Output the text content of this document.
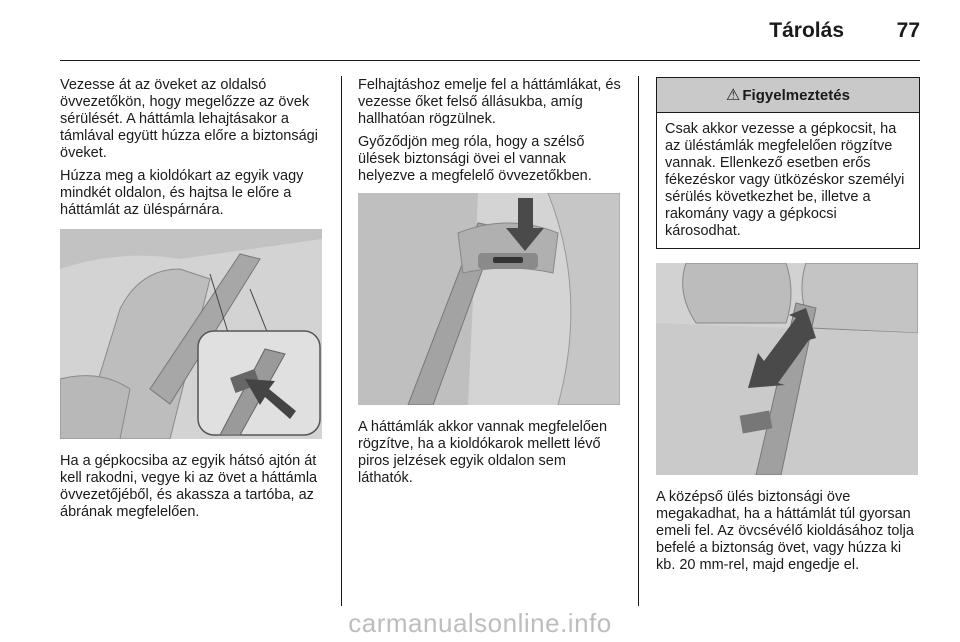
Tárolás	77

Vezesse át az öveket az oldalsó övvezetőkön, hogy megelőzze az övek sérülését. A háttámla lehajtásakor a támlával együtt húzza előre a biztonsági öveket.

Húzza meg a kioldókart az egyik vagy mindkét oldalon, és hajtsa le előre a háttámlát az üléspárnára.

Ha a gépkocsiba az egyik hátsó ajtón át kell rakodni, vegye ki az övet a háttámla övvezetőjéből, és akassza a tartóba, az ábrának megfelelően.

Felhajtáshoz emelje fel a háttámlákat, és vezesse őket felső állásukba, amíg hallhatóan rögzülnek.

Győződjön meg róla, hogy a szélső ülések biztonsági övei el vannak helyezve a megfelelő övvezetőkben.

A háttámlák akkor vannak megfelelően rögzítve, ha a kioldókarok mellett lévő piros jelzések egyik oldalon sem láthatók.

⚠ Figyelmeztetés
Csak akkor vezesse a gépkocsit, ha az üléstámlák megfelelően rögzítve vannak. Ellenkező esetben erős fékezéskor vagy ütközéskor személyi sérülés következhet be, illetve a rakomány vagy a gépkocsi károsodhat.

A középső ülés biztonsági öve megakadhat, ha a háttámlát túl gyorsan emeli fel. Az övcsévélő kioldásához tolja befelé a biztonság övet, vagy húzza ki kb. 20 mm-rel, majd engedje el.

carmanualsonline.info
